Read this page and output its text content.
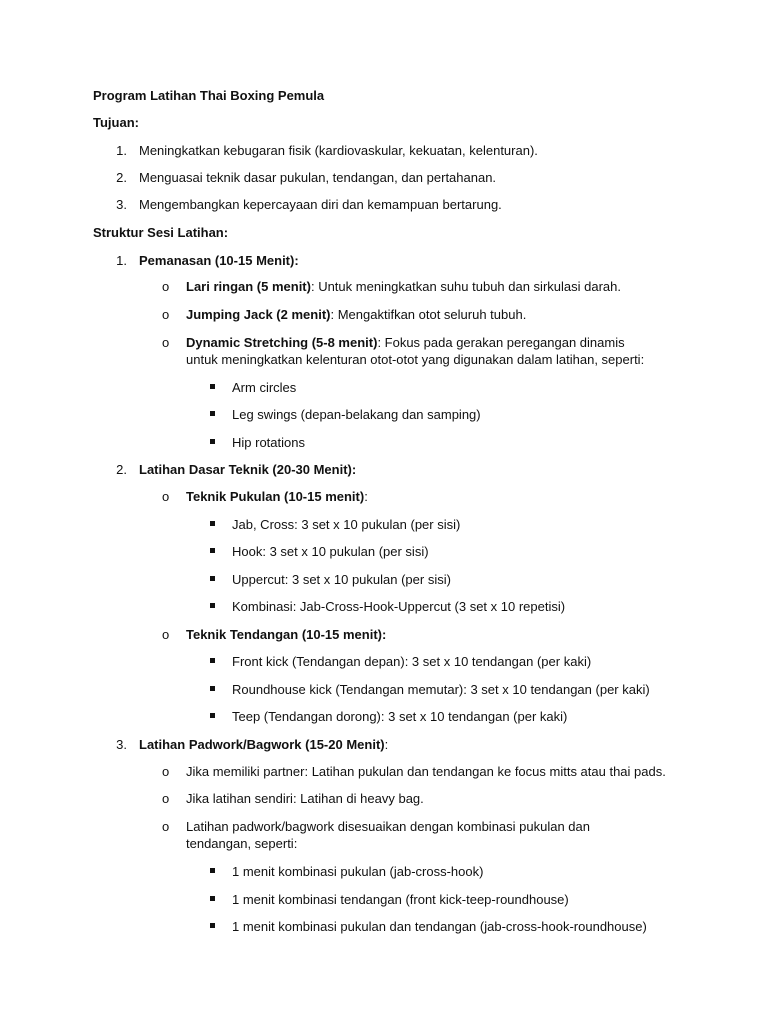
Program Latihan Thai Boxing Pemula
Tujuan:
1. Meningkatkan kebugaran fisik (kardiovaskular, kekuatan, kelenturan).
2. Menguasai teknik dasar pukulan, tendangan, dan pertahanan.
3. Mengembangkan kepercayaan diri dan kemampuan bertarung.
Struktur Sesi Latihan:
1. Pemanasan (10-15 Menit):
o Lari ringan (5 menit): Untuk meningkatkan suhu tubuh dan sirkulasi darah.
o Jumping Jack (2 menit): Mengaktifkan otot seluruh tubuh.
o Dynamic Stretching (5-8 menit): Fokus pada gerakan peregangan dinamis untuk meningkatkan kelenturan otot-otot yang digunakan dalam latihan, seperti:
Arm circles
Leg swings (depan-belakang dan samping)
Hip rotations
2. Latihan Dasar Teknik (20-30 Menit):
o Teknik Pukulan (10-15 menit):
Jab, Cross: 3 set x 10 pukulan (per sisi)
Hook: 3 set x 10 pukulan (per sisi)
Uppercut: 3 set x 10 pukulan (per sisi)
Kombinasi: Jab-Cross-Hook-Uppercut (3 set x 10 repetisi)
o Teknik Tendangan (10-15 menit):
Front kick (Tendangan depan): 3 set x 10 tendangan (per kaki)
Roundhouse kick (Tendangan memutar): 3 set x 10 tendangan (per kaki)
Teep (Tendangan dorong): 3 set x 10 tendangan (per kaki)
3. Latihan Padwork/Bagwork (15-20 Menit):
o Jika memiliki partner: Latihan pukulan dan tendangan ke focus mitts atau thai pads.
o Jika latihan sendiri: Latihan di heavy bag.
o Latihan padwork/bagwork disesuaikan dengan kombinasi pukulan dan tendangan, seperti:
1 menit kombinasi pukulan (jab-cross-hook)
1 menit kombinasi tendangan (front kick-teep-roundhouse)
1 menit kombinasi pukulan dan tendangan (jab-cross-hook-roundhouse)
